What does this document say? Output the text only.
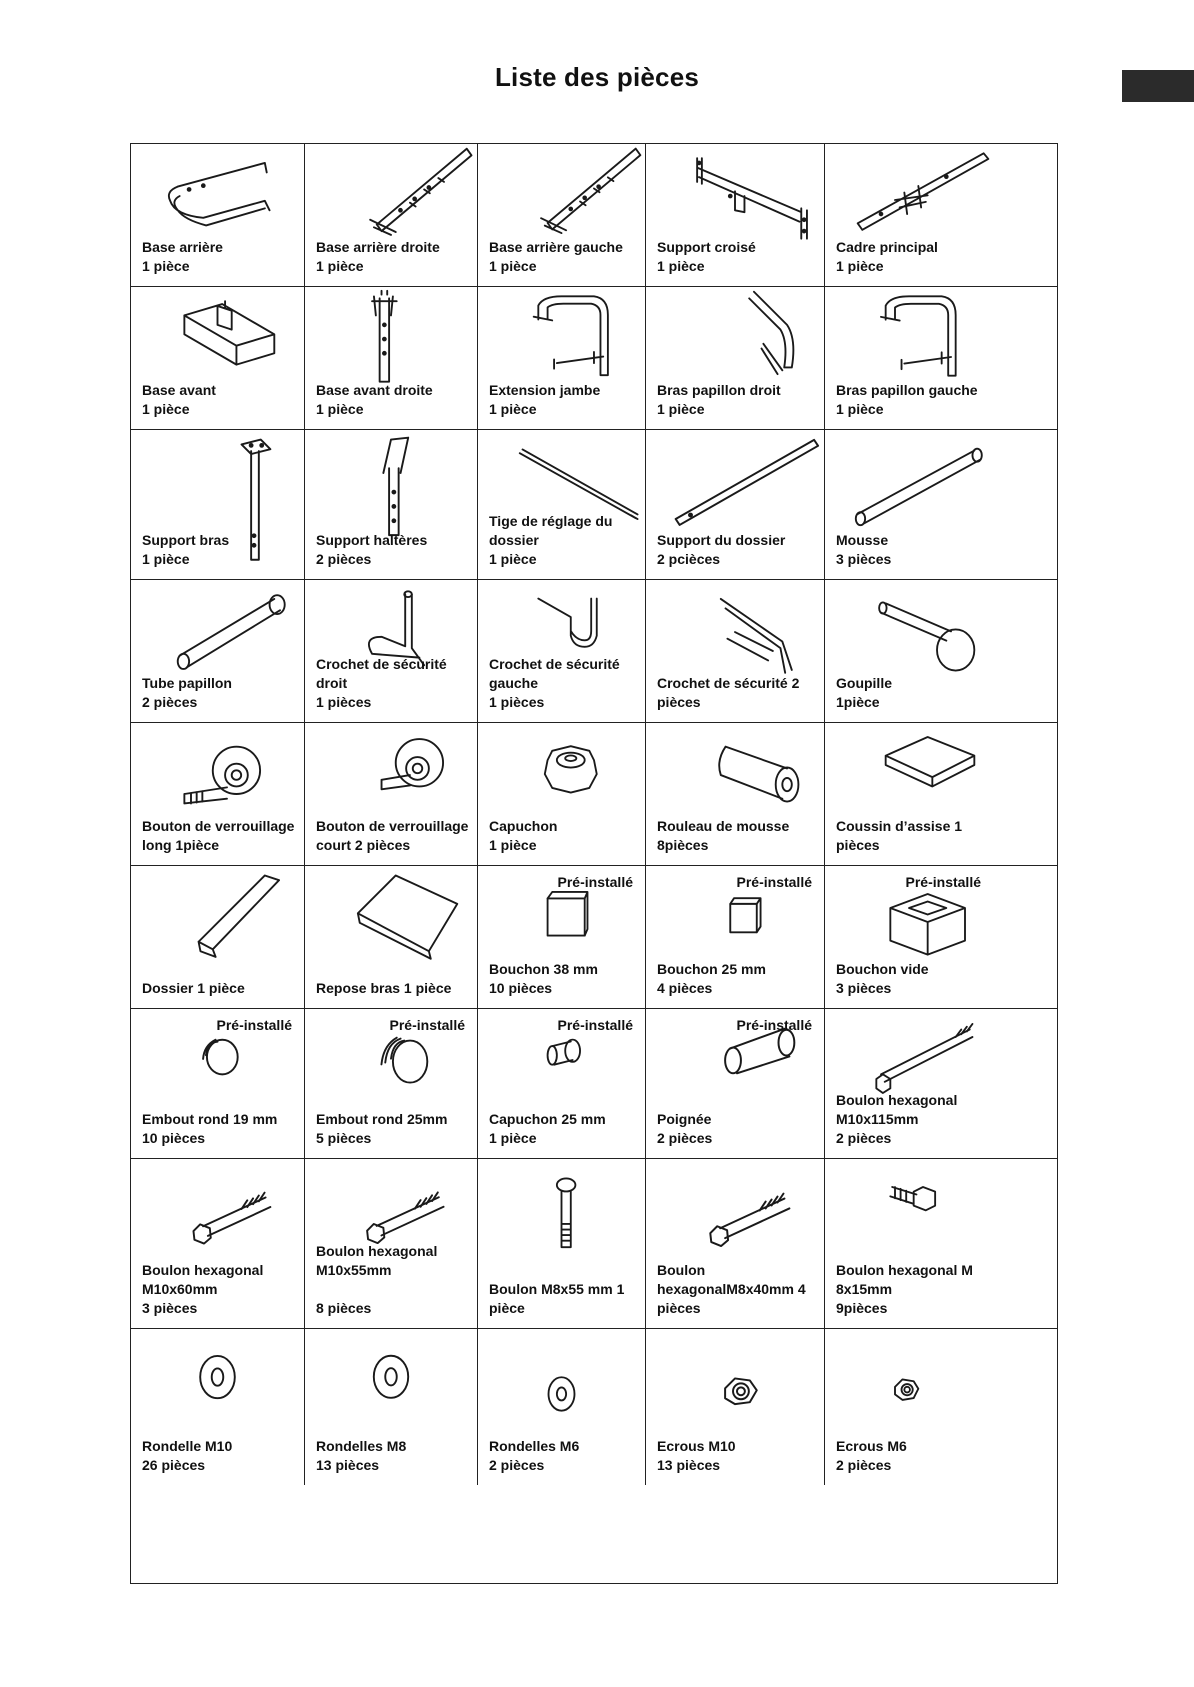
Liste des pièces
Base arrière
1 pièce
Base arrière droite
1 pièce
Base arrière gauche
1 pièce
Support croisé
1 pièce
Cadre principal
1 pièce
Base avant
1 pièce
Base avant droite
1 pièce
Extension jambe
1 pièce
Bras papillon droit
1 pièce
Bras papillon gauche
1 pièce
Support bras
1 pièce
Support haltères
2 pièces
Tige de réglage du
dossier
1 pièce
Support du dossier
2 pcièces
Mousse
3 pièces
Tube papillon
2 pièces
Crochet de sécurité droit
1 pièces
Crochet de sécurité
gauche
1 pièces
Crochet de sécurité 2
pièces
Goupille
1pièce
Bouton de verrouillage
long 1pièce
Bouton de verrouillage
court 2 pièces
Capuchon
1 pièce
Rouleau de mousse
8pièces
Coussin d’assise 1
pièces
Dossier 1 pièce	Repose bras 1 pièce
Pré-installé
Bouchon 38 mm
10 pièces
Pré-installé
Bouchon 25 mm
4 pièces
Pré-installé
Bouchon vide
3 pièces
Pré-installé
Embout rond 19 mm
10 pièces
Pré-installé
Embout rond 25mm
5 pièces
Pré-installé
Capuchon 25 mm
1 pièce
Pré-installé
Poignée
2 pièces
Boulon hexagonal
M10x115mm
2 pièces
Boulon hexagonal
M10x60mm
3 pièces
Boulon hexagonal
M10x55mm

8 pièces
Boulon M8x55 mm 1
pièce
Boulon
hexagonalM8x40mm 4
pièces
Boulon hexagonal M
8x15mm
9pièces
Rondelle M10
26 pièces
Rondelles M8
13 pièces
Rondelles M6
2 pièces
Ecrous M10
13 pièces
Ecrous M6
2 pièces
